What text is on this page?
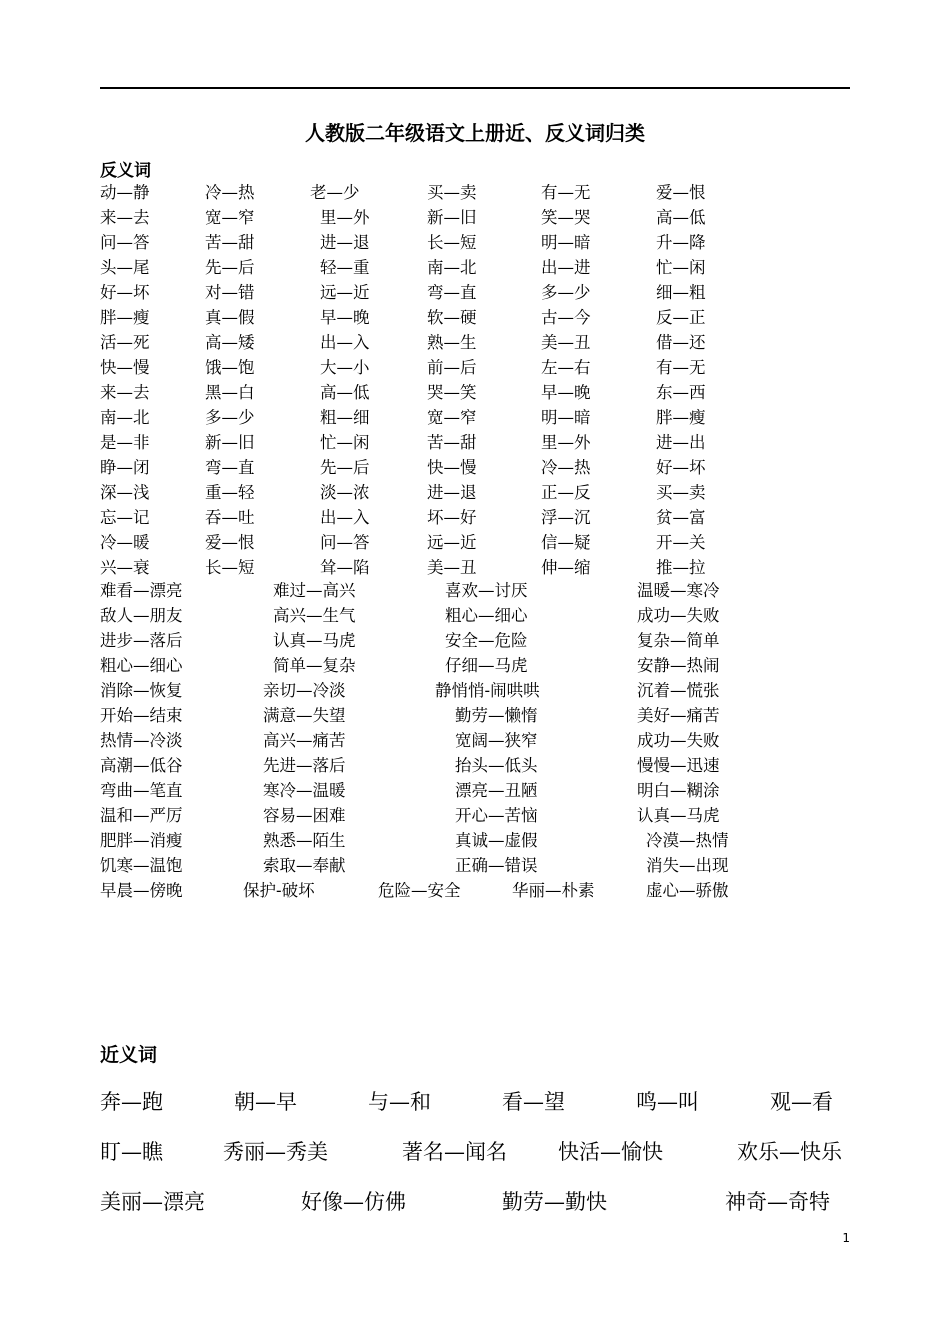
人教版二年级语文上册近、反义词归类
反义词
动—静	冷—热	老—少	买—卖	有—无	爱—恨
来—去	宽—窄	里—外	新—旧	笑—哭	高—低
问—答	苦—甜	进—退	长—短	明—暗	升—降
头—尾	先—后	轻—重	南—北	出—进	忙—闲
好—坏	对—错	远—近	弯—直	多—少	细—粗
胖—瘦	真—假	早—晚	软—硬	古—今	反—正
活—死	高—矮	出—入	熟—生	美—丑	借—还
快—慢	饿—饱	大—小	前—后	左—右	有—无
来—去	黑—白	高—低	哭—笑	早—晚	东—西
南—北	多—少	粗—细	宽—窄	明—暗	胖—瘦
是—非	新—旧	忙—闲	苦—甜	里—外	进—出
睁—闭	弯—直	先—后	快—慢	冷—热	好—坏
深—浅	重—轻	淡—浓	进—退	正—反	买—卖
忘—记	吞—吐	出—入	坏—好	浮—沉	贫—富
冷—暖	爱—恨	问—答	远—近	信—疑	开—关
兴—衰	长—短	耸—陷	美—丑	伸—缩	推—拉
难看—漂亮	难过—高兴	喜欢—讨厌	温暖—寒冷
敌人—朋友	高兴—生气	粗心—细心	成功—失败
进步—落后	认真—马虎	安全—危险	复杂—简单
粗心—细心	简单—复杂	仔细—马虎	安静—热闹
消除—恢复	亲切—冷淡	静悄悄-闹哄哄	沉着—慌张
开始—结束	满意—失望	勤劳—懒惰	美好—痛苦
热情—冷淡	高兴—痛苦	宽阔—狭窄	成功—失败
高潮—低谷	先进—落后	抬头—低头	慢慢—迅速
弯曲—笔直	寒冷—温暖	漂亮—丑陋	明白—糊涂
温和—严厉	容易—困难	开心—苦恼	认真—马虎
肥胖—消瘦	熟悉—陌生	真诚—虚假	冷漠—热情
饥寒—温饱	索取—奉献	正确—错误	消失—出现
早晨—傍晚	保护-破坏	危险—安全	华丽—朴素	虚心—骄傲
近义词
奔—跑	朝—早	与—和	看—望	鸣—叫	观—看
盯—瞧	秀丽—秀美	著名—闻名 快活—愉快	欢乐—快乐
美丽—漂亮	好像—仿佛	勤劳—勤快	神奇—奇特
1
